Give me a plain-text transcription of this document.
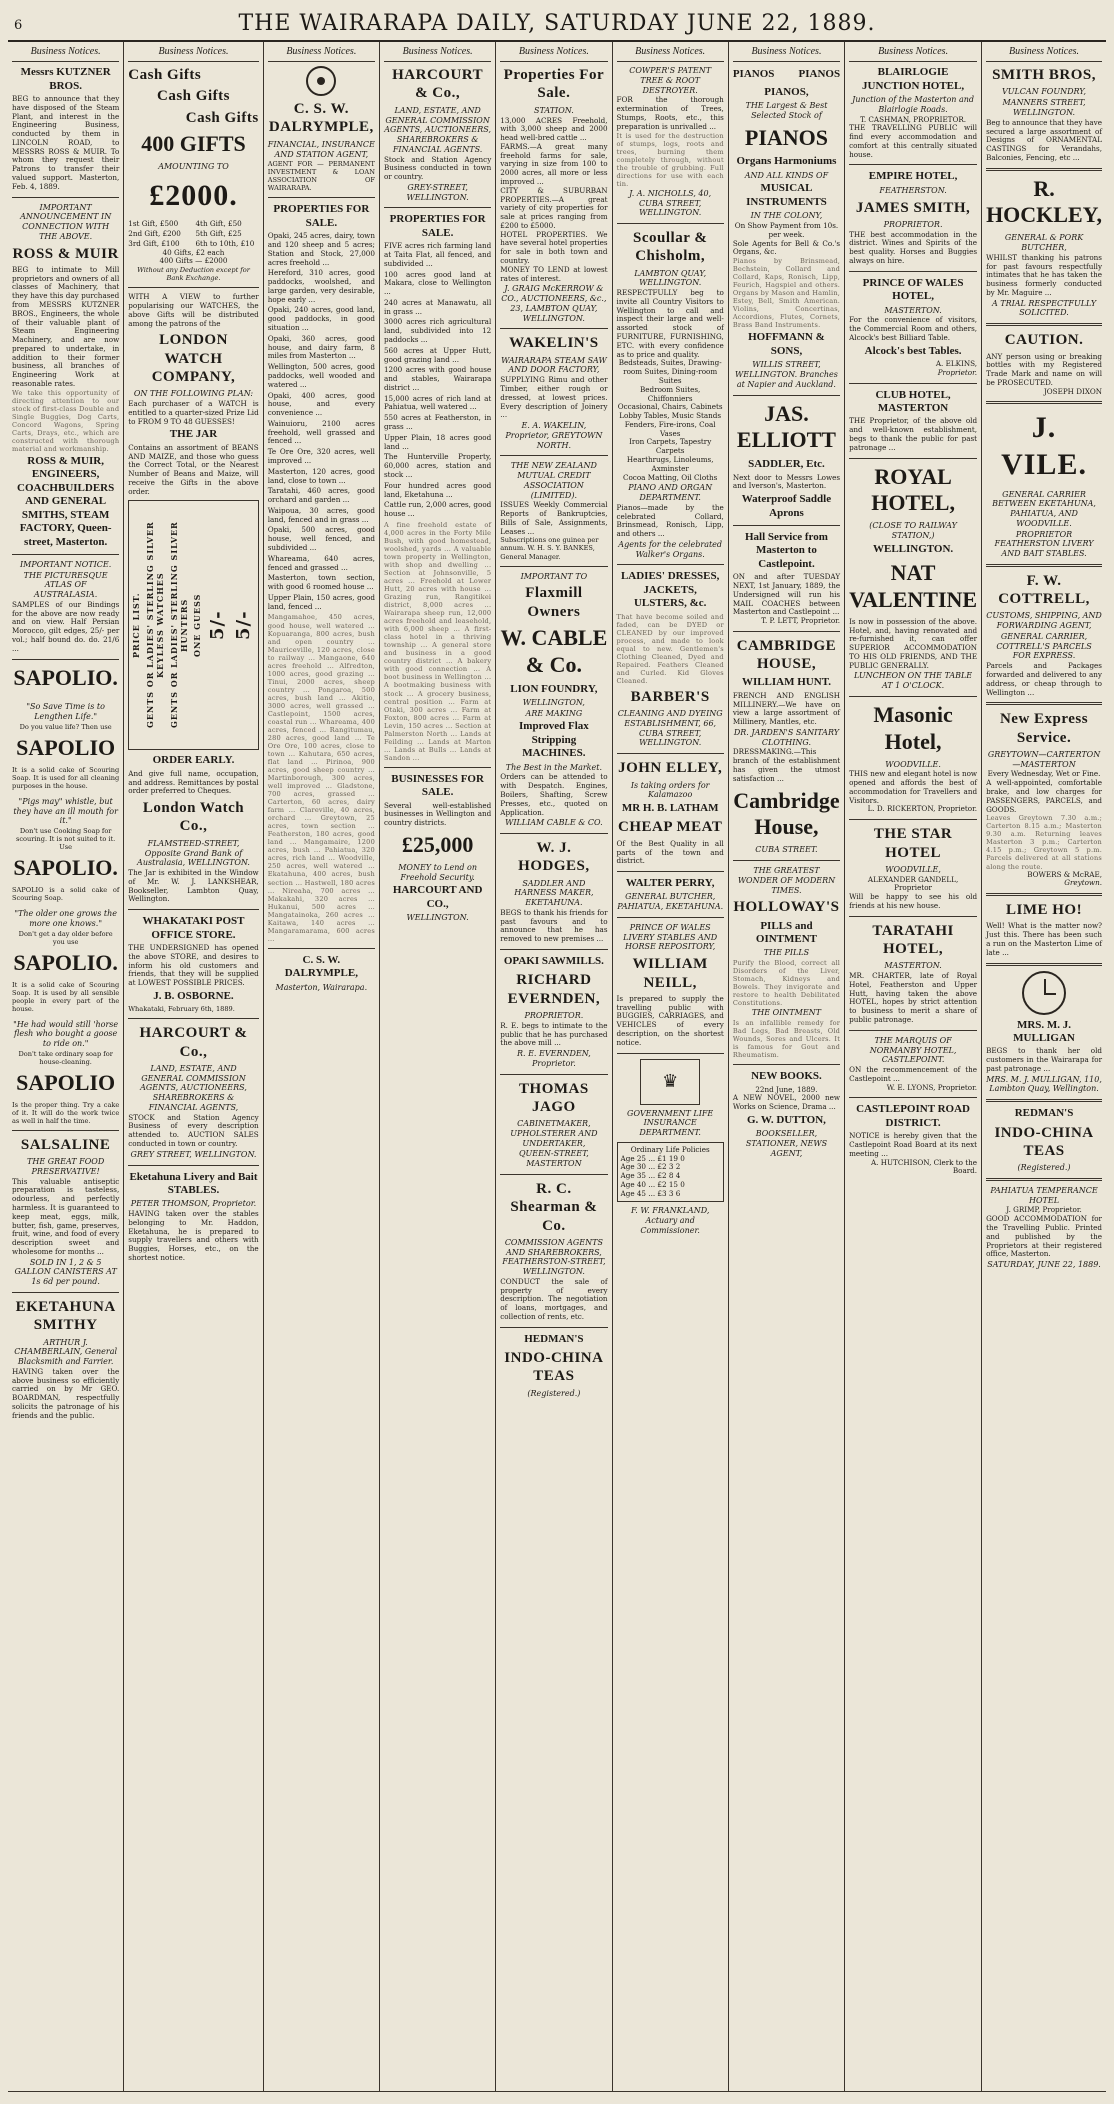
6	THE WAIRARAPA DAILY, SATURDAY JUNE 22, 1889.
Business Notices.
Messrs KUTZNER BROS.
BEG to announce that they have disposed of the Steam Plant, and interest in the Engineering Business, conducted by them in LINCOLN ROAD, to MESSRS ROSS & MUIR. To whom they request their Patrons to transfer their valued support. Masterton, Feb. 4, 1889.
IMPORTANT ANNOUNCEMENT IN CONNECTION WITH THE ABOVE.
ROSS & MUIR
BEG to intimate to Mill proprietors and owners of all classes of Machinery, that they have this day purchased from MESSRS KUTZNER BROS., Engineers, the whole of their valuable plant of Steam Engineering Machinery, and are now prepared to undertake, in addition to their former business, all branches of Engineering Work at reasonable rates.
We take this opportunity of directing attention to our stock of first-class Double and Single Buggies, Dog Carts, Concord Wagons, Spring Carts, Drays, etc., which are constructed with thorough material and workmanship.
ROSS & MUIR, ENGINEERS, COACHBUILDERS AND GENERAL SMITHS, STEAM FACTORY, Queen-street, Masterton.
IMPORTANT NOTICE.
THE PICTURESQUE ATLAS OF AUSTRALASIA.
SAMPLES of our Bindings for the above are now ready and on view. Half Persian Morocco, gilt edges, 25/- per vol.; half bound do. do. 21/6 ...
SAPOLIO.
"So Save Time is to Lengthen Life."
Do you value life? Then use
SAPOLIO
It is a solid cake of Scouring Soap. It is used for all cleaning purposes in the house.
"Pigs may" whistle, but they have an ill mouth for it."
Don't use Cooking Soap for scouring. It is not suited to it. Use
SAPOLIO.
SAPOLIO is a solid cake of Scouring Soap.
"The older one grows the more one knows."
Don't get a day older before you use
SAPOLIO.
It is a solid cake of Scouring Soap. It is used by all sensible people in every part of the house.
"He had would still 'horse flesh who bought a goose to ride on."
Don't take ordinary soap for house-cleaning.
SAPOLIO
Is the proper thing. Try a cake of it. It will do the work twice as well in half the time.
SALSALINE
THE GREAT FOOD PRESERVATIVE!
This valuable antiseptic preparation is tasteless, odourless, and perfectly harmless. It is guaranteed to keep meat, eggs, milk, butter, fish, game, preserves, fruit, wine, and food of every description sweet and wholesome for months ...
SOLD IN 1, 2 & 5 GALLON CANISTERS AT 1s 6d per pound.
EKETAHUNA SMITHY
ARTHUR J. CHAMBERLAIN, General Blacksmith and Farrier.
HAVING taken over the above business so efficiently carried on by Mr GEO. BOARDMAN, respectfully solicits the patronage of his friends and the public.
Business Notices.
Cash Gifts
Cash Gifts
Cash Gifts
400 GIFTS
AMOUNTING TO
£2000.
1st Gift, £500	4th Gift, £50
2nd Gift, £200	5th Gift, £25
3rd Gift, £100	6th to 10th, £10
40 Gifts, £2 each
400 Gifts — £2000
Without any Deduction except for Bank Exchange.
WITH A VIEW to further popularising our WATCHES, the above Gifts will be distributed among the patrons of the
LONDON WATCH COMPANY,
ON THE FOLLOWING PLAN:
Each purchaser of a WATCH is entitled to a quarter-sized Prize Lid to FROM 9 TO 48 GUESSES!
THE JAR
Contains an assortment of BEANS AND MAIZE, and those who guess the Correct Total, or the Nearest Number of Beans and Maize, will receive the Gifts in the above order.
PRICE LIST. GENTS OR LADIES' STERLING SILVER KEYLESS WATCHES GENTS OR LADIES' STERLING SILVER HUNTERS ONE GUESS 5/- 5/-
ORDER EARLY.
And give full name, occupation, and address. Remittances by postal order preferred to Cheques.
London Watch Co.,
FLAMSTEED-STREET, Opposite Grand Bank of Australasia, WELLINGTON.
The Jar is exhibited in the Window of Mr. W. J. LANKSHEAR, Bookseller, Lambton Quay, Wellington.
WHAKATAKI POST OFFICE STORE.
THE UNDERSIGNED has opened the above STORE, and desires to inform his old customers and friends, that they will be supplied at LOWEST POSSIBLE PRICES.
J. B. OSBORNE.
Whakataki, February 6th, 1889.
HARCOURT & Co.,
LAND, ESTATE, AND GENERAL COMMISSION AGENTS, AUCTIONEERS, SHAREBROKERS & FINANCIAL AGENTS,
STOCK and Station Agency Business of every description attended to. AUCTION SALES conducted in town or country.
GREY STREET, WELLINGTON.
Eketahuna Livery and Bait STABLES.
PETER THOMSON, Proprietor.
HAVING taken over the stables belonging to Mr. Haddon, Eketahuna, he is prepared to supply travellers and others with Buggies, Horses, etc., on the shortest notice.
Business Notices.
C. S. W. DALRYMPLE,
FINANCIAL, INSURANCE AND STATION AGENT,
AGENT FOR — PERMANENT INVESTMENT & LOAN ASSOCIATION OF WAIRARAPA.
PROPERTIES FOR SALE.
Opaki, 245 acres, dairy, town and 120 sheep and 5 acres; Station and Stock, 27,000 acres freehold ...
Hereford, 310 acres, good paddocks, woolshed, and large garden, very desirable, hope early ...
Opaki, 240 acres, good land, good paddocks, in good situation ...
Opaki, 360 acres, good house, and dairy farm, 8 miles from Masterton ...
Wellington, 500 acres, good paddocks, well wooded and watered ...
Opaki, 400 acres, good house, and every convenience ...
Wainuioru, 2100 acres freehold, well grassed and fenced ...
Te Ore Ore, 320 acres, well improved ...
Masterton, 120 acres, good land, close to town ...
Taratahi, 460 acres, good orchard and garden ...
Waipoua, 30 acres, good land, fenced and in grass ...
Opaki, 500 acres, good house, well fenced, and subdivided ...
Whareama, 640 acres, fenced and grassed ...
Masterton, town section, with good 6 roomed house ...
Upper Plain, 150 acres, good land, fenced ...
Mangamahoe, 450 acres, good house, well watered ... Kopuaranga, 800 acres, bush and open country ... Mauriceville, 120 acres, close to railway ... Mangaone, 640 acres freehold ... Alfredton, 1000 acres, good grazing ... Tinui, 2000 acres, sheep country ... Pongaroa, 500 acres, bush land ... Akitio, 3000 acres, well grassed ... Castlepoint, 1500 acres, coastal run ... Whareama, 400 acres, fenced ... Rangitumau, 280 acres, good land ... Te Ore Ore, 100 acres, close to town ... Kahutara, 650 acres, flat land ... Pirinoa, 900 acres, good sheep country ... Martinborough, 300 acres, well improved ... Gladstone, 700 acres, grassed ... Carterton, 60 acres, dairy farm ... Clareville, 40 acres, orchard ... Greytown, 25 acres, town section ... Featherston, 180 acres, good land ... Mangamaire, 1200 acres, bush ... Pahiatua, 320 acres, rich land ... Woodville, 250 acres, well watered ... Ekatahuna, 400 acres, bush section ... Hastwell, 180 acres ... Nireaha, 700 acres ... Makakahi, 320 acres ... Hukanui, 500 acres ... Mangatainoka, 260 acres ... Kaitawa, 140 acres ... Mangaramarama, 600 acres ...
C. S. W. DALRYMPLE,
Masterton, Wairarapa.
Business Notices.
HARCOURT & Co.,
LAND, ESTATE, AND GENERAL COMMISSION AGENTS, AUCTIONEERS, SHAREBROKERS & FINANCIAL AGENTS.
Stock and Station Agency Business conducted in town or country.
GREY-STREET, WELLINGTON.
PROPERTIES FOR SALE.
FIVE acres rich farming land at Taita Flat, all fenced, and subdivided ...
100 acres good land at Makara, close to Wellington ...
240 acres at Manawatu, all in grass ...
3000 acres rich agricultural land, subdivided into 12 paddocks ...
560 acres at Upper Hutt, good grazing land ...
1200 acres with good house and stables, Wairarapa district ...
15,000 acres of rich land at Pahiatua, well watered ...
550 acres at Featherston, in grass ...
Upper Plain, 18 acres good land ...
The Hunterville Property, 60,000 acres, station and stock ...
Four hundred acres good land, Eketahuna ...
Cattle run, 2,000 acres, good house ...
A fine freehold estate of 4,000 acres in the Forty Mile Bush, with good homestead, woolshed, yards ... A valuable town property in Wellington, with shop and dwelling ... Section at Johnsonville, 5 acres ... Freehold at Lower Hutt, 20 acres with house ... Grazing run, Rangitikei district, 8,000 acres ... Wairarapa sheep run, 12,000 acres freehold and leasehold, with 6,000 sheep ... A first-class hotel in a thriving township ... A general store and business in a good country district ... A bakery with good connection ... A boot business in Wellington ... A bootmaking business with stock ... A grocery business, central position ... Farm at Otaki, 300 acres ... Farm at Foxton, 800 acres ... Farm at Levin, 150 acres ... Section at Palmerston North ... Lands at Feilding ... Lands at Marton ... Lands at Bulls ... Lands at Sandon ...
BUSINESSES FOR SALE.
Several well-established businesses in Wellington and country districts.
£25,000
MONEY to Lend on Freehold Security.
HARCOURT AND CO.,
WELLINGTON.
Business Notices.
Properties For Sale.
STATION.
13,000 ACRES Freehold, with 3,000 sheep and 2000 head well-bred cattle ...
FARMS.—A great many freehold farms for sale, varying in size from 100 to 2000 acres, all more or less improved ...
CITY & SUBURBAN PROPERTIES.—A great variety of city properties for sale at prices ranging from £200 to £5000.
HOTEL PROPERTIES. We have several hotel properties for sale in both town and country.
MONEY TO LEND at lowest rates of interest.
J. GRAIG McKERROW & CO., AUCTIONEERS, &c., 23, LAMBTON QUAY, WELLINGTON.
WAKELIN'S
WAIRARAPA STEAM SAW AND DOOR FACTORY,
SUPPLYING Rimu and other Timber, either rough or dressed, at lowest prices. Every description of Joinery ...
E. A. WAKELIN, Proprietor, GREYTOWN NORTH.
THE NEW ZEALAND MUTUAL CREDIT ASSOCIATION (LIMITED).
ISSUES Weekly Commercial Reports of Bankruptcies, Bills of Sale, Assignments, Leases ...
Subscriptions one guinea per annum. W. H. S. Y. BANKES, General Manager.
IMPORTANT TO
Flaxmill Owners
W. CABLE & Co.
LION FOUNDRY,
WELLINGTON,
ARE MAKING
Improved Flax Stripping MACHINES.
The Best in the Market.
Orders can be attended to with Despatch. Engines, Boilers, Shafting, Screw Presses, etc., quoted on Application.
WILLIAM CABLE & CO.
W. J. HODGES,
SADDLER AND HARNESS MAKER, EKETAHUNA.
BEGS to thank his friends for past favours and to announce that he has removed to new premises ...
OPAKI SAWMILLS.
RICHARD EVERNDEN,
PROPRIETOR.
R. E. begs to intimate to the public that he has purchased the above mill ...
R. E. EVERNDEN, Proprietor.
THOMAS JAGO
CABINETMAKER, UPHOLSTERER AND UNDERTAKER,
QUEEN-STREET, MASTERTON
R. C. Shearman & Co.
COMMISSION AGENTS AND SHAREBROKERS, FEATHERSTON-STREET, WELLINGTON.
CONDUCT the sale of property of every description. The negotiation of loans, mortgages, and collection of rents, etc.
HEDMAN'S
INDO-CHINA TEAS
(Registered.)
Business Notices.
COWPER'S PATENT TREE & ROOT DESTROYER.
FOR the thorough extermination of Trees, Stumps, Roots, etc., this preparation is unrivalled ...
It is used for the destruction of stumps, logs, roots and trees, burning them completely through, without the trouble of grubbing. Full directions for use with each tin.
J. A. NICHOLLS, 40, CUBA STREET, WELLINGTON.
Scoullar & Chisholm,
LAMBTON QUAY, WELLINGTON.
RESPECTFULLY beg to invite all Country Visitors to Wellington to call and inspect their large and well-assorted stock of FURNITURE, FURNISHING, ETC. with every confidence as to price and quality.
Bedsteads, Suites, Drawing-room Suites, Dining-room Suites
Bedroom Suites, Chiffonniers
Occasional, Chairs, Cabinets
Lobby Tables, Music Stands
Fenders, Fire-irons, Coal Vases
Iron Carpets, Tapestry Carpets
Hearthrugs, Linoleums, Axminster
Cocoa Matting, Oil Cloths
PIANO AND ORGAN DEPARTMENT.
Pianos—made by the celebrated Collard, Brinsmead, Ronisch, Lipp, and others ...
Agents for the celebrated Walker's Organs.
LADIES' DRESSES, JACKETS, ULSTERS, &c.
That have become soiled and faded, can be DYED or CLEANED by our improved process, and made to look equal to new. Gentlemen's Clothing Cleaned, Dyed and Repaired. Feathers Cleaned and Curled. Kid Gloves Cleaned.
BARBER'S
CLEANING AND DYEING ESTABLISHMENT, 66, CUBA STREET, WELLINGTON.
JOHN ELLEY,
Is taking orders for Kalamazoo
MR H. B. LATHAM
CHEAP MEAT
Of the Best Quality in all parts of the town and district.
WALTER PERRY,
GENERAL BUTCHER, PAHIATUA, EKETAHUNA.
PRINCE OF WALES LIVERY STABLES AND HORSE REPOSITORY,
WILLIAM NEILL,
Is prepared to supply the travelling public with BUGGIES, CARRIAGES, and VEHICLES of every description, on the shortest notice.
♛
GOVERNMENT LIFE INSURANCE DEPARTMENT.
Ordinary Life Policies
Age 25 ... £1 19 0
Age 30 ... £2 3 2
Age 35 ... £2 8 4
Age 40 ... £2 15 0
Age 45 ... £3 3 6
F. W. FRANKLAND, Actuary and Commissioner.
Business Notices.
PIANOS PIANOS
PIANOS,
THE Largest & Best Selected Stock of
PIANOS
Organs Harmoniums
AND ALL KINDS OF
MUSICAL INSTRUMENTS
IN THE COLONY,
On Show Payment from 10s. per week.
Sole Agents for Bell & Co.'s Organs, &c.
Pianos by Brinsmead, Bechstein, Collard and Collard, Kaps, Ronisch, Lipp, Feurich, Hagspiel and others. Organs by Mason and Hamlin, Estey, Bell, Smith American. Violins, Concertinas, Accordions, Flutes, Cornets, Brass Band Instruments.
HOFFMANN & SONS,
WILLIS STREET, WELLINGTON. Branches at Napier and Auckland.
JAS. ELLIOTT
SADDLER, Etc.
Next door to Messrs Lowes and Iverson's, Masterton.
Waterproof Saddle Aprons
Hall Service from Masterton to Castlepoint.
ON and after TUESDAY NEXT, 1st January, 1889, the Undersigned will run his MAIL COACHES between Masterton and Castlepoint ...
T. P. LETT, Proprietor.
CAMBRIDGE HOUSE,
WILLIAM HUNT.
FRENCH AND ENGLISH MILLINERY.—We have on view a large assortment of Millinery, Mantles, etc.
DR. JARDEN'S SANITARY CLOTHING.
DRESSMAKING.—This branch of the establishment has given the utmost satisfaction ...
Cambridge House,
CUBA STREET.
THE GREATEST WONDER OF MODERN TIMES.
HOLLOWAY'S
PILLS and OINTMENT
THE PILLS
Purify the Blood, correct all Disorders of the Liver, Stomach, Kidneys and Bowels. They invigorate and restore to health Debilitated Constitutions.
THE OINTMENT
Is an infallible remedy for Bad Legs, Bad Breasts, Old Wounds, Sores and Ulcers. It is famous for Gout and Rheumatism.
NEW BOOKS.
22nd June, 1889.
A NEW NOVEL, 2000 new Works on Science, Drama ...
G. W. DUTTON,
BOOKSELLER, STATIONER, NEWS AGENT,
Business Notices.
BLAIRLOGIE JUNCTION HOTEL,
Junction of the Masterton and Blairlogie Roads.
T. CASHMAN, PROPRIETOR.
THE TRAVELLING PUBLIC will find every accommodation and comfort at this centrally situated house.
EMPIRE HOTEL,
FEATHERSTON.
JAMES SMITH,
PROPRIETOR.
THE best accommodation in the district. Wines and Spirits of the best quality. Horses and Buggies always on hire.
PRINCE OF WALES HOTEL,
MASTERTON.
For the convenience of visitors, the Commercial Room and others, Alcock's best Billiard Table.
Alcock's best Tables.
A. ELKINS,
Proprietor.
CLUB HOTEL, MASTERTON
THE Proprietor, of the above old and well-known establishment, begs to thank the public for past patronage ...
ROYAL HOTEL,
(CLOSE TO RAILWAY STATION,)
WELLINGTON.
NAT VALENTINE
Is now in possession of the above. Hotel, and, having renovated and re-furnished it, can offer SUPERIOR ACCOMMODATION TO HIS OLD FRIENDS, AND THE PUBLIC GENERALLY.
LUNCHEON ON THE TABLE AT 1 O'CLOCK.
Masonic Hotel,
WOODVILLE.
THIS new and elegant hotel is now opened and affords the best of accommodation for Travellers and Visitors.
L. D. RICKERTON, Proprietor.
THE STAR HOTEL
WOODVILLE,
ALEXANDER GANDELL, Proprietor
Will be happy to see his old friends at his new house.
TARATAHI HOTEL,
MASTERTON.
MR. CHARTER, late of Royal Hotel, Featherston and Upper Hutt, having taken the above HOTEL, hopes by strict attention to business to merit a share of public patronage.
THE MARQUIS OF NORMANBY HOTEL, CASTLEPOINT.
ON the recommencement of the Castlepoint ...
W. E. LYONS, Proprietor.
CASTLEPOINT ROAD DISTRICT.
NOTICE is hereby given that the Castlepoint Road Board at its next meeting ...
A. HUTCHISON, Clerk to the Board.
Business Notices.
SMITH BROS,
VULCAN FOUNDRY,
MANNERS STREET, WELLINGTON.
Beg to announce that they have secured a large assortment of Designs of ORNAMENTAL CASTINGS for Verandahs, Balconies, Fencing, etc ...
R. HOCKLEY,
GENERAL & PORK BUTCHER,
WHILST thanking his patrons for past favours respectfully intimates that he has taken the business formerly conducted by Mr. Maguire ...
A TRIAL RESPECTFULLY SOLICITED.
CAUTION.
ANY person using or breaking bottles with my Registered Trade Mark and name on will be PROSECUTED.
JOSEPH DIXON
J. VILE.
GENERAL CARRIER BETWEEN EKETAHUNA, PAHIATUA, AND WOODVILLE.
PROPRIETOR FEATHERSTON LIVERY AND BAIT STABLES.
F. W. COTTRELL,
CUSTOMS, SHIPPING, AND FORWARDING AGENT,
GENERAL CARRIER, COTTRELL'S PARCELS FOR EXPRESS.
Parcels and Packages forwarded and delivered to any address, or cheap through to Wellington ...
New Express Service.
GREYTOWN—CARTERTON—MASTERTON
Every Wednesday, Wet or Fine.
A well-appointed, comfortable brake, and low charges for PASSENGERS, PARCELS, and GOODS.
Leaves Greytown 7.30 a.m.; Carterton 8.15 a.m.; Masterton 9.30 a.m. Returning leaves Masterton 3 p.m.; Carterton 4.15 p.m.; Greytown 5 p.m. Parcels delivered at all stations along the route.
BOWERS & McRAE,
Greytown.
LIME HO!
Well! What is the matter now? Just this. There has been such a run on the Masterton Lime of late ...
MRS. M. J. MULLIGAN
BEGS to thank her old customers in the Wairarapa for past patronage ...
MRS. M. J. MULLIGAN, 110, Lambton Quay, Wellington.
REDMAN'S
INDO-CHINA TEAS
(Registered.)
PAHIATUA TEMPERANCE HOTEL
J. GRIMP, Proprietor.
GOOD ACCOMMODATION for the Travelling Public. Printed and published by the Proprietors at their registered office, Masterton.
SATURDAY, JUNE 22, 1889.
